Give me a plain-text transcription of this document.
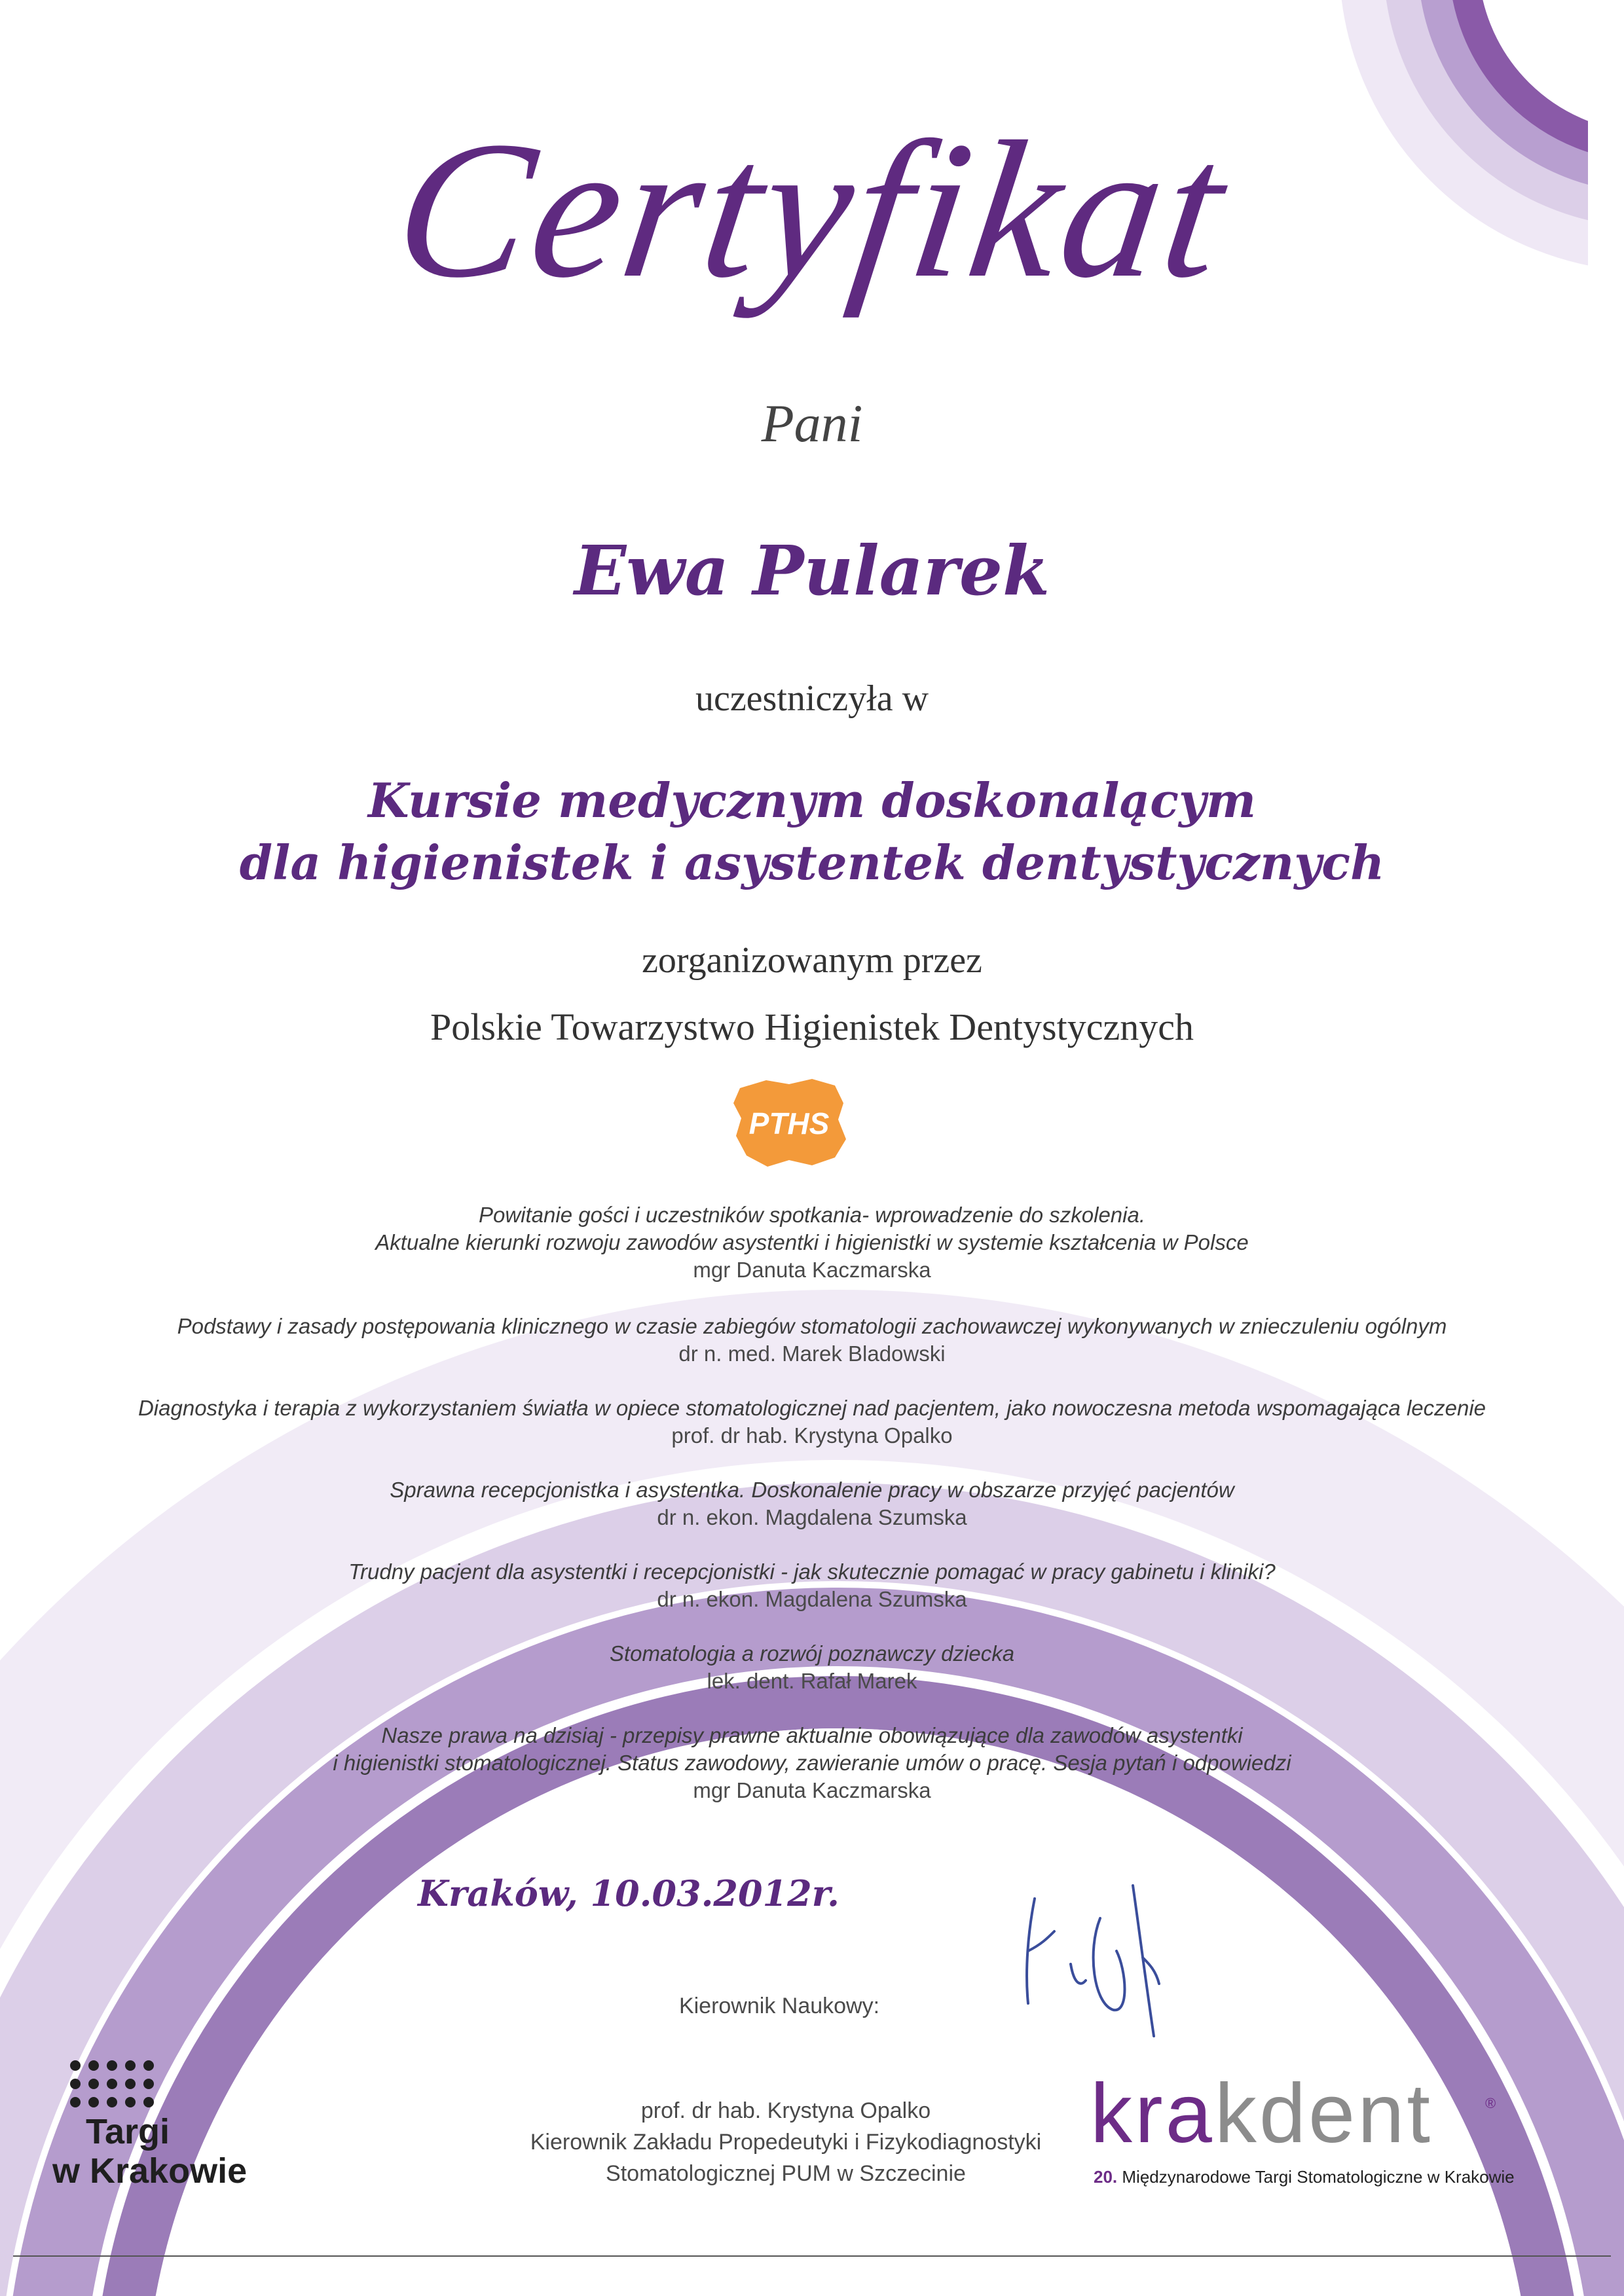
Certyfikat
Pani
Ewa Pularek
uczestniczyła w
Kursie medycznym doskonalącym
dla higienistek i asystentek dentystycznych
zorganizowanym przez
Polskie Towarzystwo Higienistek Dentystycznych
PTHS
Powitanie gości i uczestników spotkania- wprowadzenie do szkolenia.
Aktualne kierunki rozwoju zawodów asystentki i higienistki w systemie kształcenia w Polsce
mgr Danuta Kaczmarska
Podstawy i zasady postępowania klinicznego w czasie zabiegów stomatologii zachowawczej wykonywanych w znieczuleniu ogólnym
dr n. med. Marek Bladowski
Diagnostyka i terapia z wykorzystaniem światła w opiece stomatologicznej nad pacjentem, jako nowoczesna metoda wspomagająca leczenie
prof. dr hab. Krystyna Opalko
Sprawna recepcjonistka i asystentka. Doskonalenie pracy w obszarze przyjęć pacjentów
dr n. ekon. Magdalena Szumska
Trudny pacjent dla asystentki i recepcjonistki - jak skutecznie pomagać w pracy gabinetu i kliniki?
dr n. ekon. Magdalena Szumska
Stomatologia a rozwój poznawczy dziecka
lek. dent. Rafał Marek
Nasze prawa na dzisiaj - przepisy prawne aktualnie obowiązujące dla zawodów asystentki
i higienistki stomatologicznej. Status zawodowy, zawieranie umów o pracę. Sesja pytań i odpowiedzi
mgr Danuta Kaczmarska
Kraków, 10.03.2012r.
Kierownik Naukowy:
prof. dr hab. Krystyna Opalko
Kierownik Zakładu Propedeutyki i Fizykodiagnostyki
Stomatologicznej PUM w Szczecinie
Targi
w Krakowie
krakdent	®
20. Międzynarodowe Targi Stomatologiczne w Krakowie
